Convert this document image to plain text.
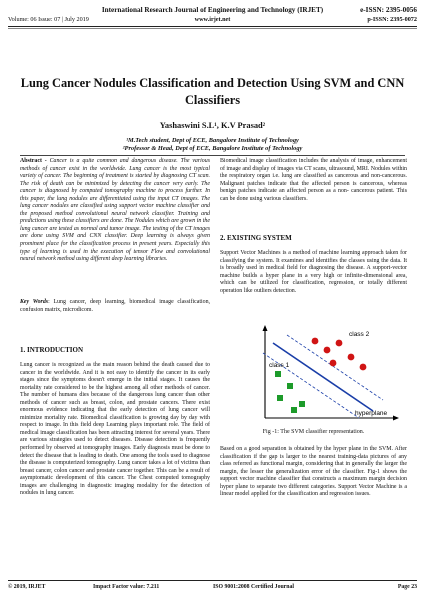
International Research Journal of Engineering and Technology (IRJET)	e-ISSN: 2395-0056
Volume: 06 Issue: 07 | July 2019	www.irjet.net	p-ISSN: 2395-0072
Lung Cancer Nodules Classification and Detection Using SVM and CNN Classifiers
Yashaswini S.L¹, K.V Prasad²
¹M.Tech student, Dept of ECE, Bangalore Institute of Technology
²Professor & Head, Dept of ECE, Bangalore Institute of Technology
Abstract - Cancer is a quite common and dangerous disease. The various methods of cancer exist in the worldwide. Lung cancer is the most typical variety of cancer. The beginning of treatment is started by diagnosing CT scan. The risk of death can be minimized by detecting the cancer very early. The cancer is diagnosed by computed tomography machine to process further. In this paper, the lung nodules are differentiated using the input CT images. The lung cancer nodules are classified using support vector machine classifier and the proposed method convolutional neural network classifier. Training and predictions using these classifiers are done. The Nodules which are grown in the lung cancer are tested as normal and tumor image. The testing of the CT images are done using SVM and CNN classifier. Deep learning is always given prominent place for the classification process in present years. Especially this type of learning is used in the execution of tensor Flow and convolutional neural network method using different deep learning libraries.
Key Words: Lung cancer, deep learning, biomedical image classification, confusion matrix, microdicom.
1. INTRODUCTION
Lung cancer is recognized as the main reason behind the death caused due to cancer in the worldwide. And it is not easy to identify the cancer in its early stages since the symptoms doesn't emerge in the initial stages. It causes the mortality rate considered to be the highest among all other methods of cancer. The number of humans dies because of the dangerous lung cancer than other methods of cancer such as breast, colon, and prostate cancers. There exist enormous evidence indicating that the early detection of lung cancer will minimize mortality rate. Biomedical classification is growing day by day with respect to image. In this field deep Learning plays important role. The field of medical image classification has been attracting interest for several years. There are various strategies used to detect diseases. Disease detection is frequently performed by observed at tomography images. Early diagnosis must be done to detect the disease that is leading to death. One among the tools used to diagnose the disease is computerized tomography. Lung cancer takes a lot of victims than breast cancer, colon cancer and prostate cancer together. This can be a result of asymptomatic development of this cancer. The Chest computed tomography images are challenging in diagnostic imaging modality for the detection of nodules in lung cancer.
Biomedical image classification includes the analysis of image, enhancement of image and display of images via CT scans, ultrasound, MRI. Nodules within the respiratory organ i.e. lung are classified as cancerous and non-cancerous. Malignant patches indicate that the affected person is cancerous, whereas benign patches indicate an affected person as a non- cancerous patient. This can be done using various classifiers.
2. EXISTING SYSTEM
Support Vector Machines is a method of machine learning approach taken for classifying the system. It examines and identifies the classes using the data. It is broadly used in medical field for diagnosing the disease. A support-vector machine builds a hyper plane in a very high or infinite-dimensional area, which can be utilized for classification, regression, or totally different operation like outliers detection.
class 2
class 1
hyperplane
Fig -1: The SVM classifier representation.
Based on a good separation is obtained by the hyper plane in the SVM. After classification if the gap is larger to the nearest training-data pictures of any class referred as functional margin, considering that in generally the larger the margin, the lesser the generalization error of the classifier. Fig-1 shows the support vector machine classifier that constructs a maximum margin decision hyper plane to separate two different categories. Support Vector Machine is a linear model applied for the classification and regression issues.
© 2019, IRJET	Impact Factor value: 7.211	ISO 9001:2008 Certified Journal	Page 23
